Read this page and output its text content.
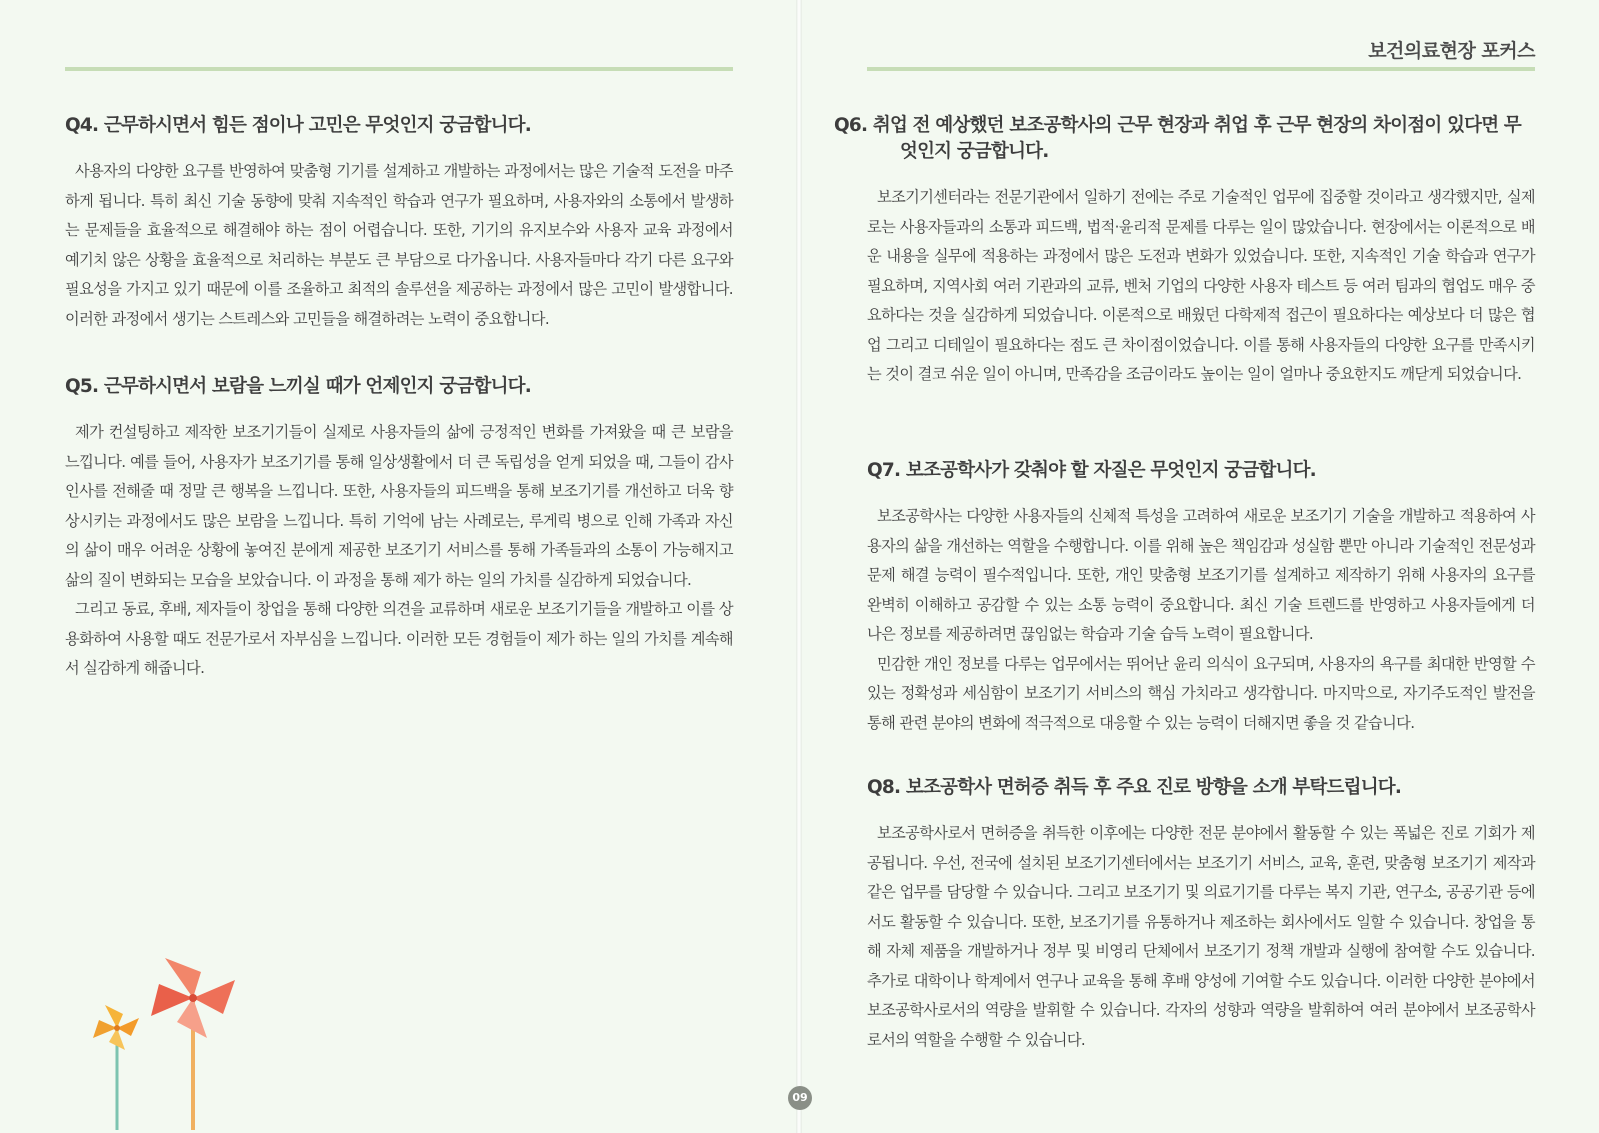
보건의료현장 포커스
Q4. 근무하시면서 힘든 점이나 고민은 무엇인지 궁금합니다.

사용자의 다양한 요구를 반영하여 맞춤형 기기를 설계하고 개발하는 과정에서는 많은 기술적 도전을 마주하게 됩니다. 특히 최신 기술 동향에 맞춰 지속적인 학습과 연구가 필요하며, 사용자와의 소통에서 발생하는 문제들을 효율적으로 해결해야 하는 점이 어렵습니다. 또한, 기기의 유지보수와 사용자 교육 과정에서 예기치 않은 상황을 효율적으로 처리하는 부분도 큰 부담으로 다가옵니다. 사용자들마다 각기 다른 요구와 필요성을 가지고 있기 때문에 이를 조율하고 최적의 솔루션을 제공하는 과정에서 많은 고민이 발생합니다. 이러한 과정에서 생기는 스트레스와 고민들을 해결하려는 노력이 중요합니다.

Q5. 근무하시면서 보람을 느끼실 때가 언제인지 궁금합니다.

제가 컨설팅하고 제작한 보조기기들이 실제로 사용자들의 삶에 긍정적인 변화를 가져왔을 때 큰 보람을 느낍니다. 예를 들어, 사용자가 보조기기를 통해 일상생활에서 더 큰 독립성을 얻게 되었을 때, 그들이 감사 인사를 전해줄 때 정말 큰 행복을 느낍니다. 또한, 사용자들의 피드백을 통해 보조기기를 개선하고 더욱 향상시키는 과정에서도 많은 보람을 느낍니다. 특히 기억에 남는 사례로는, 루게릭 병으로 인해 가족과 자신의 삶이 매우 어려운 상황에 놓여진 분에게 제공한 보조기기 서비스를 통해 가족들과의 소통이 가능해지고 삶의 질이 변화되는 모습을 보았습니다. 이 과정을 통해 제가 하는 일의 가치를 실감하게 되었습니다.

그리고 동료, 후배, 제자들이 창업을 통해 다양한 의견을 교류하며 새로운 보조기기들을 개발하고 이를 상용화하여 사용할 때도 전문가로서 자부심을 느낍니다. 이러한 모든 경험들이 제가 하는 일의 가치를 계속해서 실감하게 해줍니다.

Q6. 취업 전 예상했던 보조공학사의 근무 현장과 취업 후 근무 현장의 차이점이 있다면 무엇인지 궁금합니다.

보조기기센터라는 전문기관에서 일하기 전에는 주로 기술적인 업무에 집중할 것이라고 생각했지만, 실제로는 사용자들과의 소통과 피드백, 법적·윤리적 문제를 다루는 일이 많았습니다. 현장에서는 이론적으로 배운 내용을 실무에 적용하는 과정에서 많은 도전과 변화가 있었습니다. 또한, 지속적인 기술 학습과 연구가 필요하며, 지역사회 여러 기관과의 교류, 벤처 기업의 다양한 사용자 테스트 등 여러 팀과의 협업도 매우 중요하다는 것을 실감하게 되었습니다. 이론적으로 배웠던 다학제적 접근이 필요하다는 예상보다 더 많은 협업 그리고 디테일이 필요하다는 점도 큰 차이점이었습니다. 이를 통해 사용자들의 다양한 요구를 만족시키는 것이 결코 쉬운 일이 아니며, 만족감을 조금이라도 높이는 일이 얼마나 중요한지도 깨닫게 되었습니다.

Q7. 보조공학사가 갖춰야 할 자질은 무엇인지 궁금합니다.

보조공학사는 다양한 사용자들의 신체적 특성을 고려하여 새로운 보조기기 기술을 개발하고 적용하여 사용자의 삶을 개선하는 역할을 수행합니다. 이를 위해 높은 책임감과 성실함 뿐만 아니라 기술적인 전문성과 문제 해결 능력이 필수적입니다. 또한, 개인 맞춤형 보조기기를 설계하고 제작하기 위해 사용자의 요구를 완벽히 이해하고 공감할 수 있는 소통 능력이 중요합니다. 최신 기술 트렌드를 반영하고 사용자들에게 더 나은 정보를 제공하려면 끊임없는 학습과 기술 습득 노력이 필요합니다.

민감한 개인 정보를 다루는 업무에서는 뛰어난 윤리 의식이 요구되며, 사용자의 욕구를 최대한 반영할 수 있는 정확성과 세심함이 보조기기 서비스의 핵심 가치라고 생각합니다. 마지막으로, 자기주도적인 발전을 통해 관련 분야의 변화에 적극적으로 대응할 수 있는 능력이 더해지면 좋을 것 같습니다.

Q8. 보조공학사 면허증 취득 후 주요 진로 방향을 소개 부탁드립니다.

보조공학사로서 면허증을 취득한 이후에는 다양한 전문 분야에서 활동할 수 있는 폭넓은 진로 기회가 제공됩니다. 우선, 전국에 설치된 보조기기센터에서는 보조기기 서비스, 교육, 훈련, 맞춤형 보조기기 제작과 같은 업무를 담당할 수 있습니다. 그리고 보조기기 및 의료기기를 다루는 복지 기관, 연구소, 공공기관 등에서도 활동할 수 있습니다. 또한, 보조기기를 유통하거나 제조하는 회사에서도 일할 수 있습니다. 창업을 통해 자체 제품을 개발하거나 정부 및 비영리 단체에서 보조기기 정책 개발과 실행에 참여할 수도 있습니다. 추가로 대학이나 학계에서 연구나 교육을 통해 후배 양성에 기여할 수도 있습니다. 이러한 다양한 분야에서 보조공학사로서의 역량을 발휘할 수 있습니다. 각자의 성향과 역량을 발휘하여 여러 분야에서 보조공학사로서의 역할을 수행할 수 있습니다.

09
